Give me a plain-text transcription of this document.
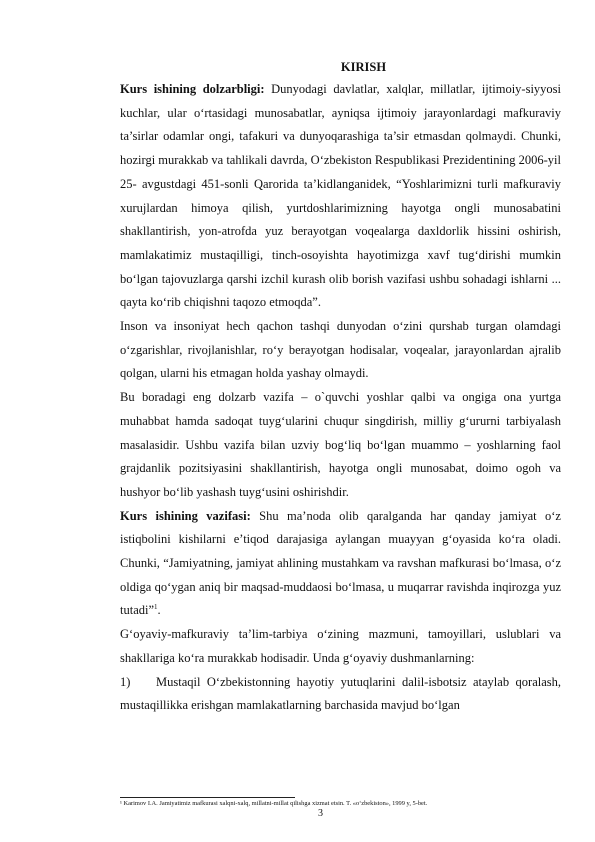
KIRISH

Kurs ishining dolzarbligi: Dunyodagi davlatlar, xalqlar, millatlar, ijtimoiy-siyyosi kuchlar, ular o‘rtasidagi munosabatlar, ayniqsa ijtimoiy jarayonlardagi mafkuraviy ta’sirlar odamlar ongi, tafakuri va dunyoqarashiga ta’sir etmasdan qolmaydi. Chunki, hozirgi murakkab va tahlikali davrda, O‘zbekiston Respublikasi Prezidentining 2006-yil 25- avgustdagi 451-sonli Qarorida ta’kidlanganidek, “Yoshlarimizni turli mafkuraviy xurujlardan himoya qilish, yurtdoshlarimizning hayotga ongli munosabatini shakllantirish, yon-atrofda yuz berayotgan voqealarga daxldorlik hissini oshirish, mamlakatimiz mustaqilligi, tinch-osoyishta hayotimizga xavf tug‘dirishi mumkin bo‘lgan tajovuzlarga qarshi izchil kurash olib borish vazifasi ushbu sohadagi ishlarni ... qayta ko‘rib chiqishni taqozo etmoqda”.

Inson va insoniyat hech qachon tashqi dunyodan o‘zini qurshab turgan olamdagi o‘zgarishlar, rivojlanishlar, ro‘y berayotgan hodisalar, voqealar, jarayonlardan ajralib qolgan, ularni his etmagan holda yashay olmaydi.

Bu boradagi eng dolzarb vazifa – o`quvchi yoshlar qalbi va ongiga ona yurtga muhabbat hamda sadoqat tuyg‘ularini chuqur singdirish, milliy g‘ururni tarbiyalash masalasidir. Ushbu vazifa bilan uzviy bog‘liq bo‘lgan muammo – yoshlarning faol grajdanlik pozitsiyasini shakllantirish, hayotga ongli munosabat, doimo ogoh va hushyor bo‘lib yashash tuyg‘usini oshirishdir.

Kurs ishining vazifasi: Shu ma’noda olib qaralganda har qanday jamiyat o‘z istiqbolini kishilarni e’tiqod darajasiga aylangan muayyan g‘oyasida ko‘ra oladi. Chunki, “Jamiyatning, jamiyat ahlining mustahkam va ravshan mafkurasi bo‘lmasa, o‘z oldiga qo‘ygan aniq bir maqsad-muddaosi bo‘lmasa, u muqarrar ravishda inqirozga yuz tutadi”$^1$.

G‘oyaviy-mafkuraviy ta’lim-tarbiya o‘zining mazmuni, tamoyillari, uslublari va shakllariga ko‘ra murakkab hodisadir. Unda g‘oyaviy dushmanlarning:

1) Mustaqil O‘zbekistonning hayotiy yutuqlarini dalil-isbotsiz ataylab qoralash, mustaqillikka erishgan mamlakatlarning barchasida mavjud bo‘lgan

¹ Karimov I.A. Jamiyatimiz mafkurasi xalqni-xalq, millatni-millat qilishga xizmat etsin. T. «o‘zbekiston», 1999 y, 5-bet.
3
